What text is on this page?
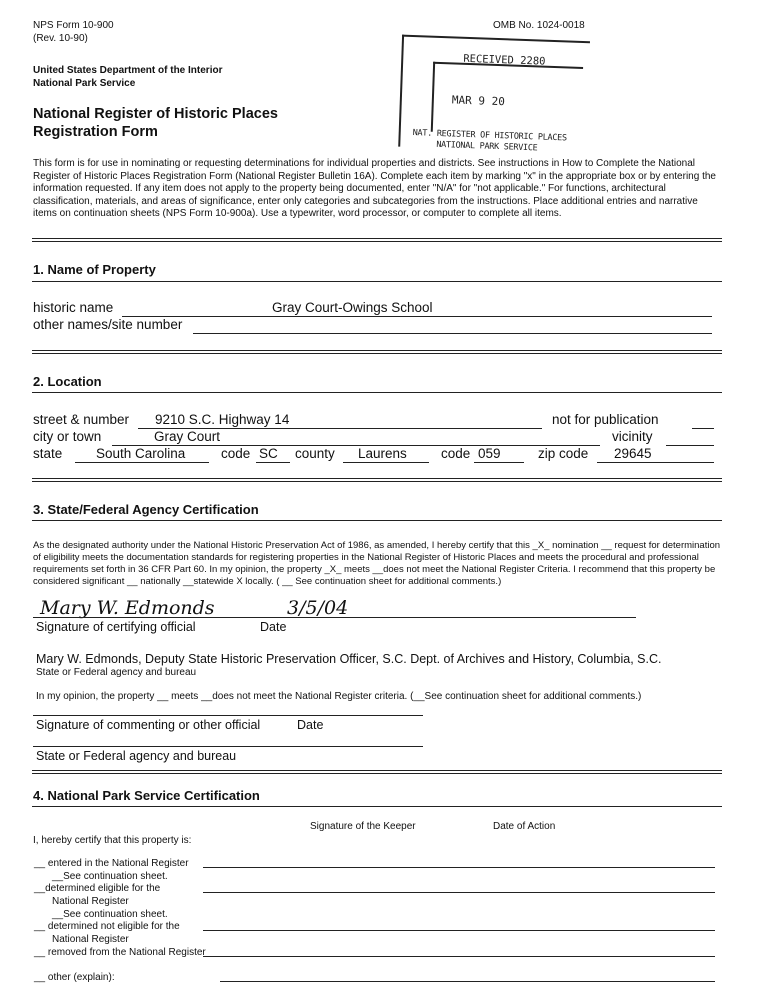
NPS Form 10-900
(Rev. 10-90)
OMB No. 1024-0018
United States Department of the Interior
National Park Service
National Register of Historic Places
Registration Form
RECEIVED 2280
MAR 9 20
NAT. REGISTER OF HISTORIC PLACES
NATIONAL PARK SERVICE
This form is for use in nominating or requesting determinations for individual properties and districts. See instructions in How to Complete the National Register of Historic Places Registration Form (National Register Bulletin 16A). Complete each item by marking "x" in the appropriate box or by entering the information requested. If any item does not apply to the property being documented, enter "N/A" for "not applicable." For functions, architectural classification, materials, and areas of significance, enter only categories and subcategories from the instructions. Place additional entries and narrative items on continuation sheets (NPS Form 10-900a). Use a typewriter, word processor, or computer to complete all items.
1. Name of Property
historic name	Gray Court-Owings School
other names/site number
2. Location
street & number 9210 S.C. Highway 14	not for publication
city or town	Gray Court	vicinity
state South Carolina	code SC county Laurens	code 059	zip code 29645
3. State/Federal Agency Certification
As the designated authority under the National Historic Preservation Act of 1986, as amended, I hereby certify that this _X_ nomination __ request for determination of eligibility meets the documentation standards for registering properties in the National Register of Historic Places and meets the procedural and professional requirements set forth in 36 CFR Part 60. In my opinion, the property _X_ meets __does not meet the National Register Criteria. I recommend that this property be considered significant __ nationally __statewide X locally. ( __ See continuation sheet for additional comments.)
Mary W. Edmonds	3/5/04
Signature of certifying official	Date
Mary W. Edmonds, Deputy State Historic Preservation Officer, S.C. Dept. of Archives and History, Columbia, S.C.
State or Federal agency and bureau
In my opinion, the property __ meets __does not meet the National Register criteria. (__See continuation sheet for additional comments.)
Signature of commenting or other official	Date
State or Federal agency and bureau
4. National Park Service Certification
Signature of the Keeper	Date of Action
I, hereby certify that this property is:
__ entered in the National Register
__See continuation sheet.
__determined eligible for the
National Register
__See continuation sheet.
__ determined not eligible for the
National Register
__ removed from the National Register
__ other (explain):
